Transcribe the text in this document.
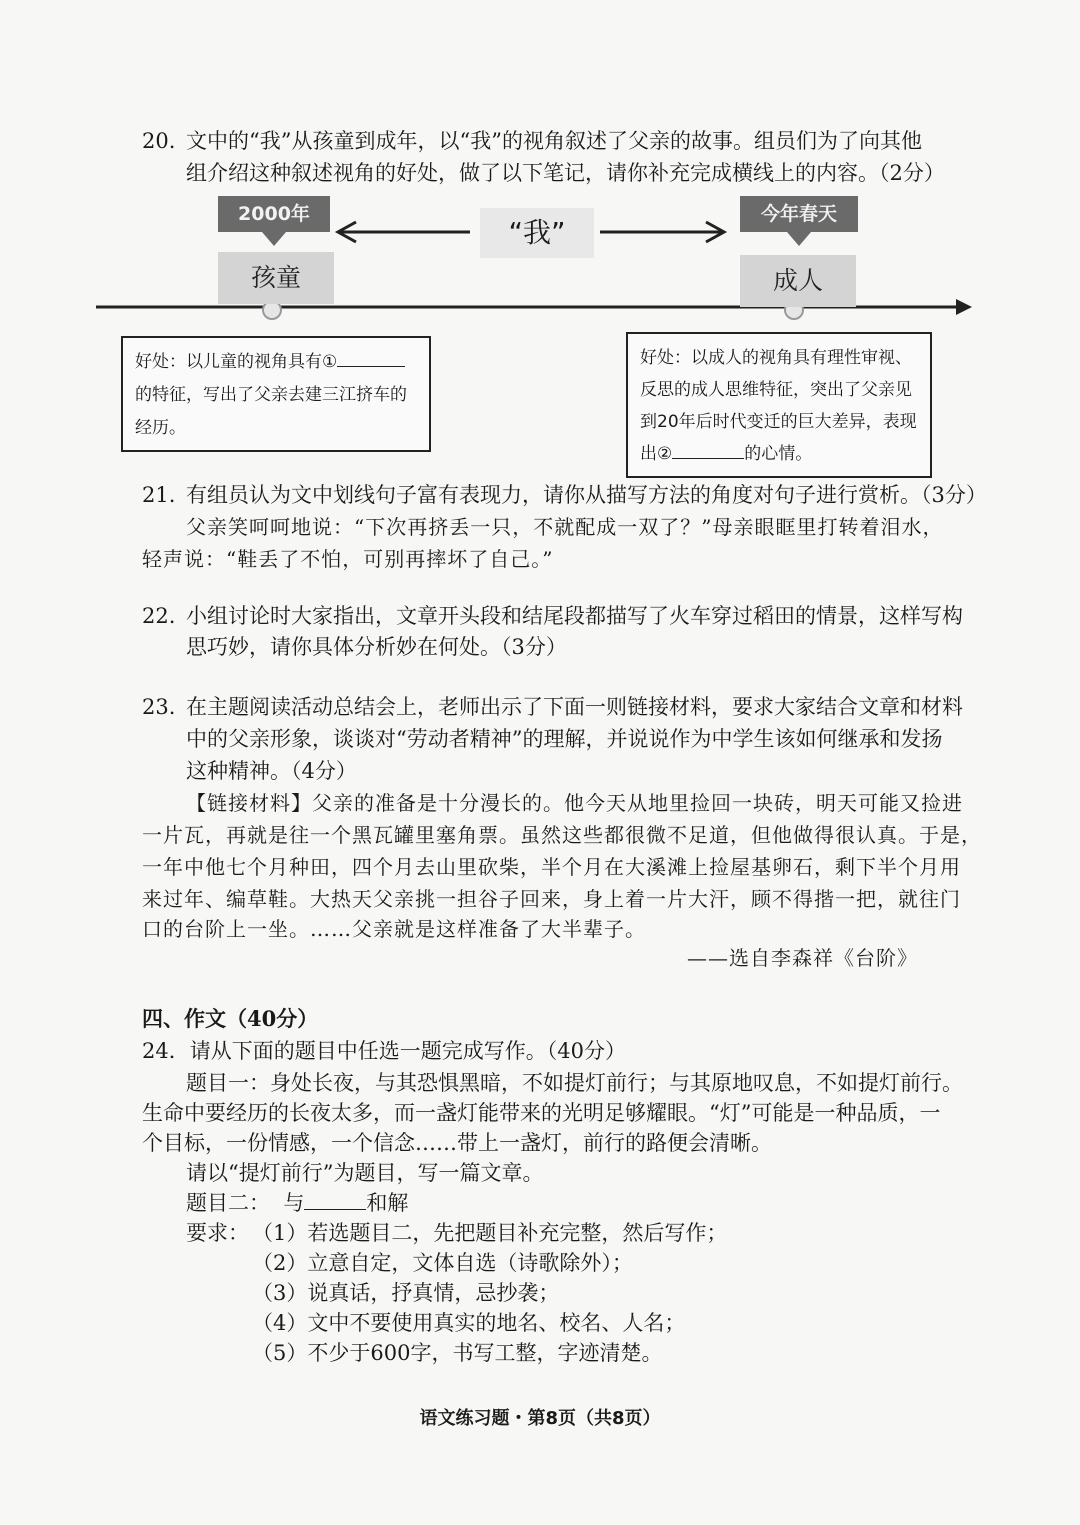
20. 文中的“我”从孩童到成年，以“我”的视角叙述了父亲的故事。组员们为了向其他
组介绍这种叙述视角的好处，做了以下笔记，请你补充完成横线上的内容。（2分）
2000年	今年春天
“我”
孩童	成人
好处：以儿童的视角具有①
的特征，写出了父亲去建三江挤车的
经历。
好处：以成人的视角具有理性审视、
反思的成人思维特征，突出了父亲见
到20年后时代变迁的巨大差异，表现
出②	的心情。
21. 有组员认为文中划线句子富有表现力，请你从描写方法的角度对句子进行赏析。（3分）
父亲笑呵呵地说：“下次再挤丢一只，不就配成一双了？”母亲眼眶里打转着泪水，
轻声说：“鞋丢了不怕，可别再摔坏了自己。”
22. 小组讨论时大家指出，文章开头段和结尾段都描写了火车穿过稻田的情景，这样写构
思巧妙，请你具体分析妙在何处。（3分）
23. 在主题阅读活动总结会上，老师出示了下面一则链接材料，要求大家结合文章和材料
中的父亲形象，谈谈对“劳动者精神”的理解，并说说作为中学生该如何继承和发扬
这种精神。（4分）
【链接材料】父亲的准备是十分漫长的。他今天从地里捡回一块砖，明天可能又捡进
一片瓦，再就是往一个黑瓦罐里塞角票。虽然这些都很微不足道，但他做得很认真。于是，
一年中他七个月种田，四个月去山里砍柴，半个月在大溪滩上捡屋基卵石，剩下半个月用
来过年、编草鞋。大热天父亲挑一担谷子回来，身上着一片大汗，顾不得揩一把，就往门
口的台阶上一坐。……父亲就是这样准备了大半辈子。
——选自李森祥《台阶》
四、作文（40分）
24．请从下面的题目中任选一题完成写作。（40分）
题目一：身处长夜，与其恐惧黑暗，不如提灯前行；与其原地叹息，不如提灯前行。
生命中要经历的长夜太多，而一盏灯能带来的光明足够耀眼。“灯”可能是一种品质，一
个目标，一份情感，一个信念……带上一盏灯，前行的路便会清晰。
请以“提灯前行”为题目，写一篇文章。
题目二：  与	和解
要求： （1）若选题目二，先把题目补充完整，然后写作；
（2）立意自定，文体自选（诗歌除外）；
（3）说真话，抒真情，忌抄袭；
（4）文中不要使用真实的地名、校名、人名；
（5）不少于600字，书写工整，字迹清楚。
语文练习题・第8页（共8页）
